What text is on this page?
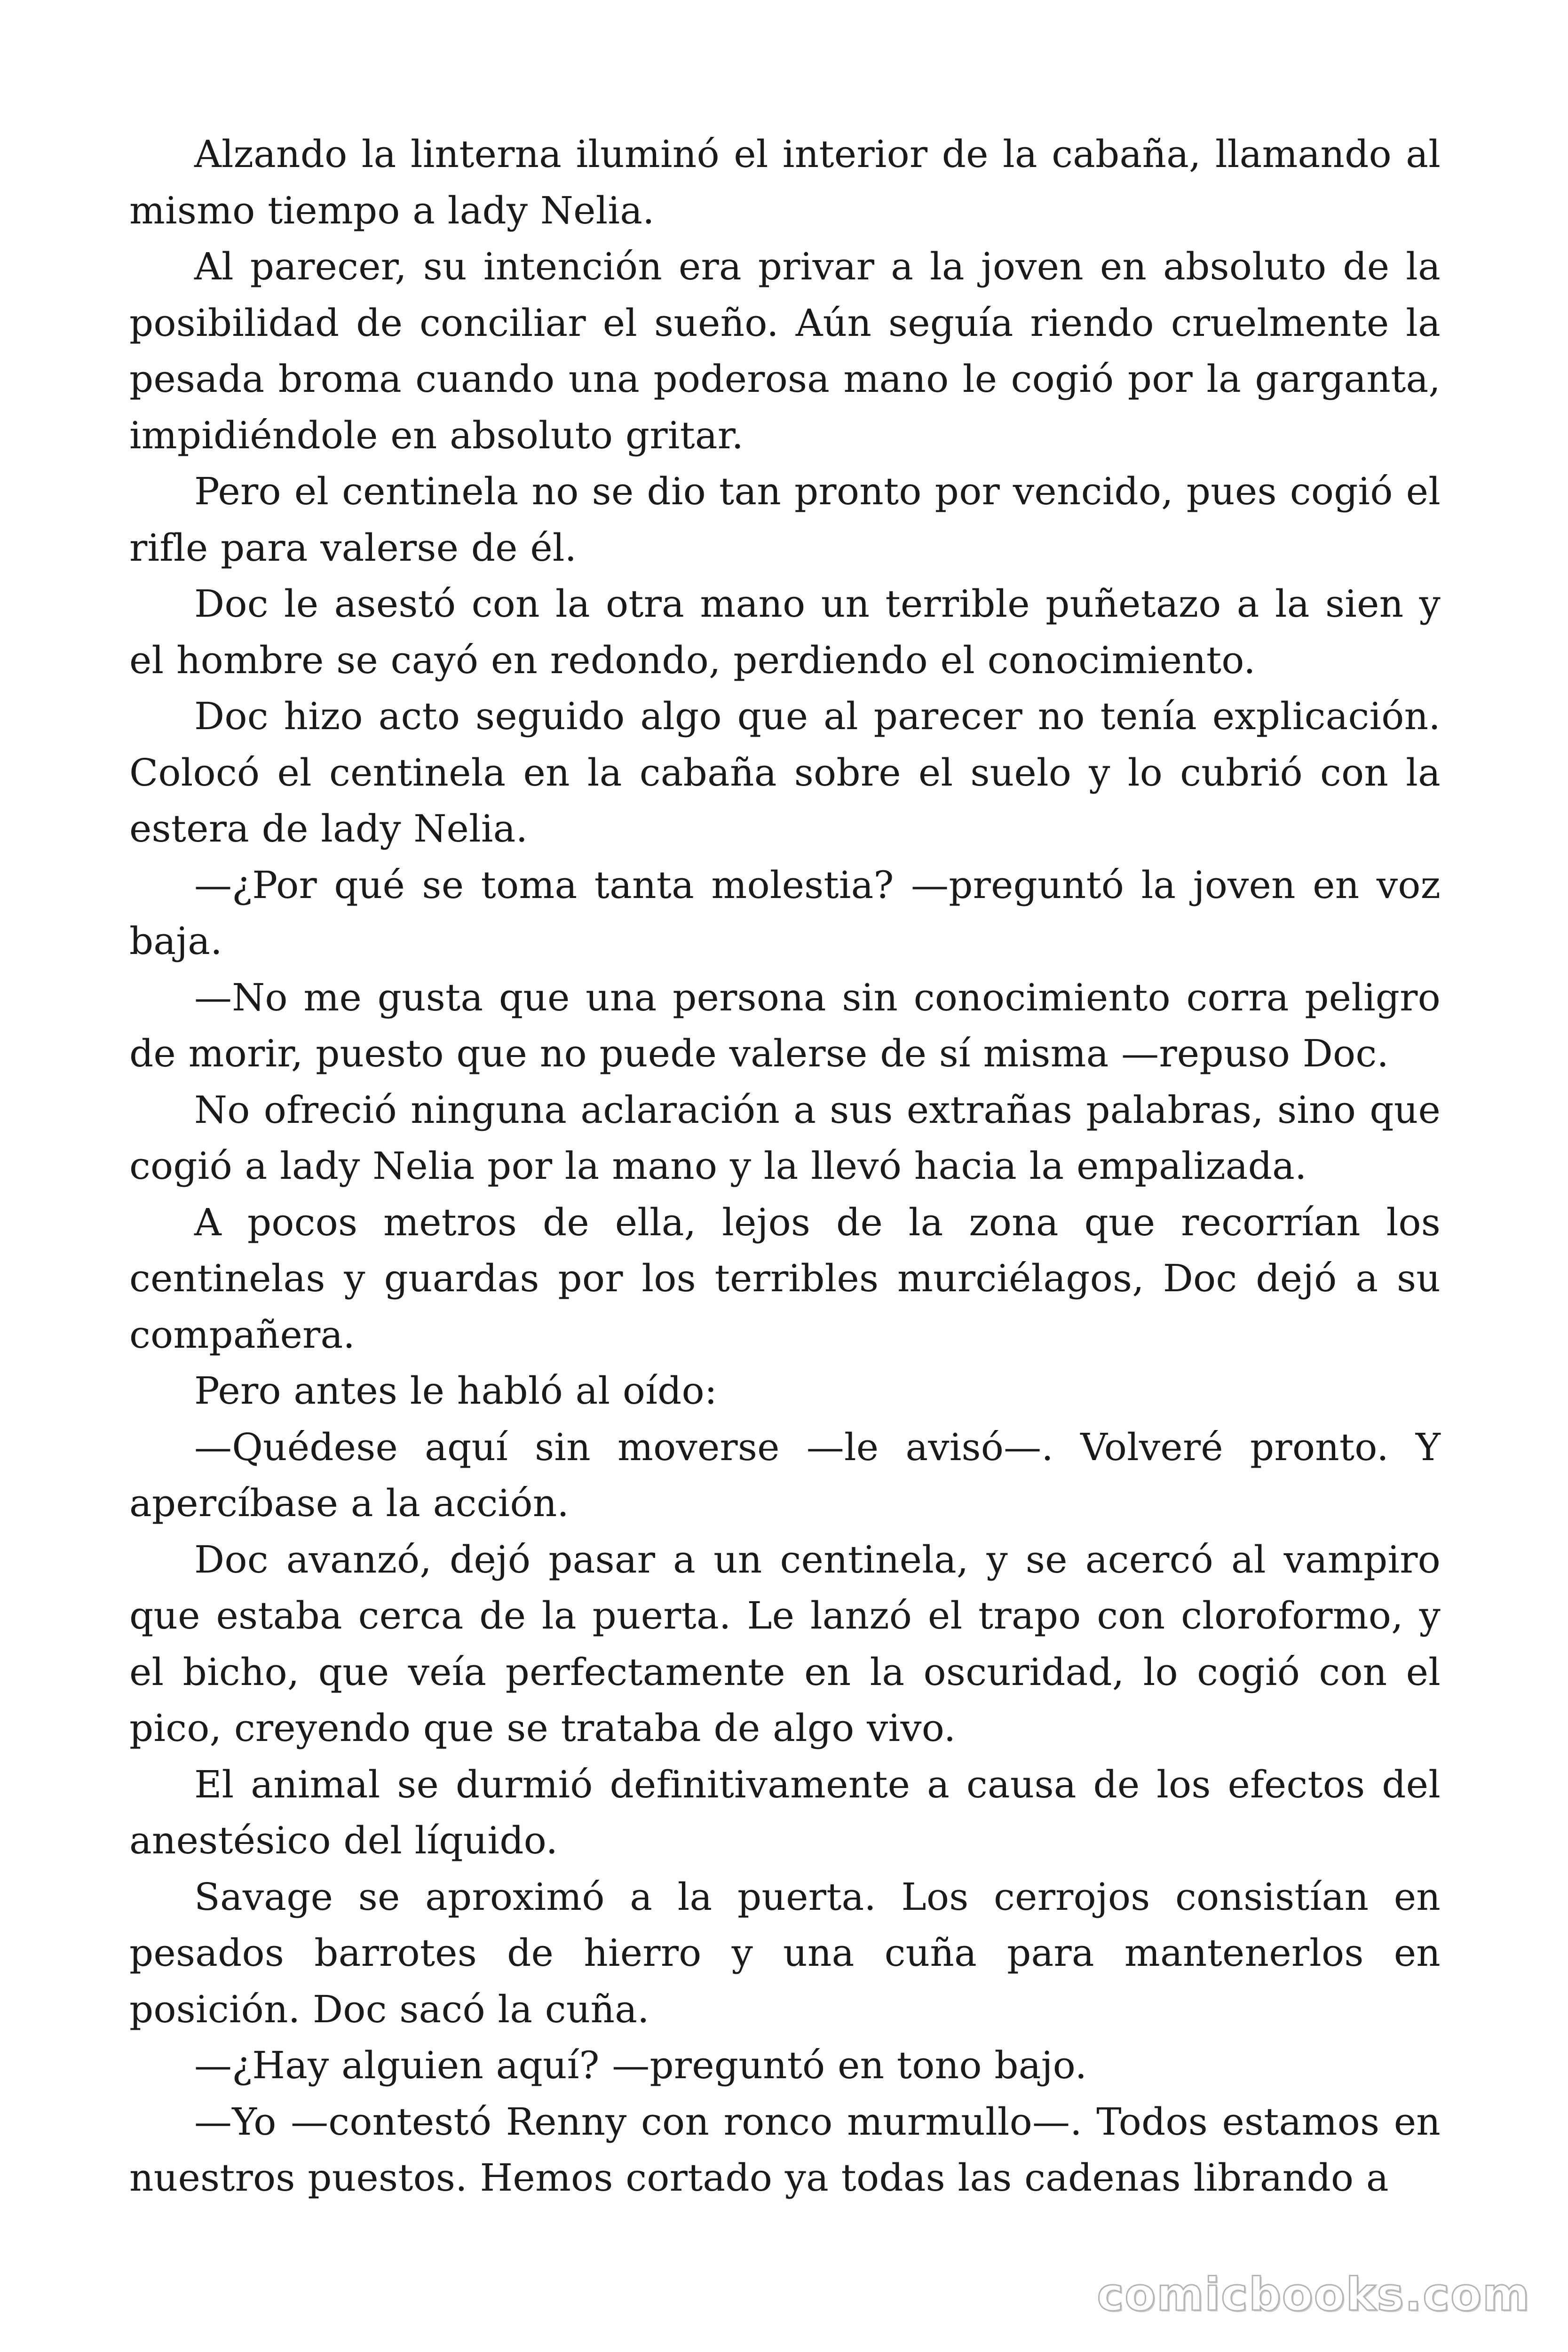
Alzando la linterna iluminó el interior de la cabaña, llamando al mismo tiempo a lady Nelia.

Al parecer, su intención era privar a la joven en absoluto de la posibilidad de conciliar el sueño. Aún seguía riendo cruelmente la pesada broma cuando una poderosa mano le cogió por la garganta, impidiéndole en absoluto gritar.

Pero el centinela no se dio tan pronto por vencido, pues cogió el rifle para valerse de él.

Doc le asestó con la otra mano un terrible puñetazo a la sien y el hombre se cayó en redondo, perdiendo el conocimiento.

Doc hizo acto seguido algo que al parecer no tenía explicación. Colocó el centinela en la cabaña sobre el suelo y lo cubrió con la estera de lady Nelia.

—¿Por qué se toma tanta molestia? —preguntó la joven en voz baja.

—No me gusta que una persona sin conocimiento corra peligro de morir, puesto que no puede valerse de sí misma —repuso Doc.

No ofreció ninguna aclaración a sus extrañas palabras, sino que cogió a lady Nelia por la mano y la llevó hacia la empalizada.

A pocos metros de ella, lejos de la zona que recorrían los centinelas y guardas por los terribles murciélagos, Doc dejó a su compañera.

Pero antes le habló al oído:

—Quédese aquí sin moverse —le avisó—. Volveré pronto. Y apercíbase a la acción.

Doc avanzó, dejó pasar a un centinela, y se acercó al vampiro que estaba cerca de la puerta. Le lanzó el trapo con cloroformo, y el bicho, que veía perfectamente en la oscuridad, lo cogió con el pico, creyendo que se trataba de algo vivo.

El animal se durmió definitivamente a causa de los efectos del anestésico del líquido.

Savage se aproximó a la puerta. Los cerrojos consistían en pesados barrotes de hierro y una cuña para mantenerlos en posición. Doc sacó la cuña.

—¿Hay alguien aquí? —preguntó en tono bajo.

—Yo —contestó Renny con ronco murmullo—. Todos estamos en nuestros puestos. Hemos cortado ya todas las cadenas librando a

comicbooks.com
